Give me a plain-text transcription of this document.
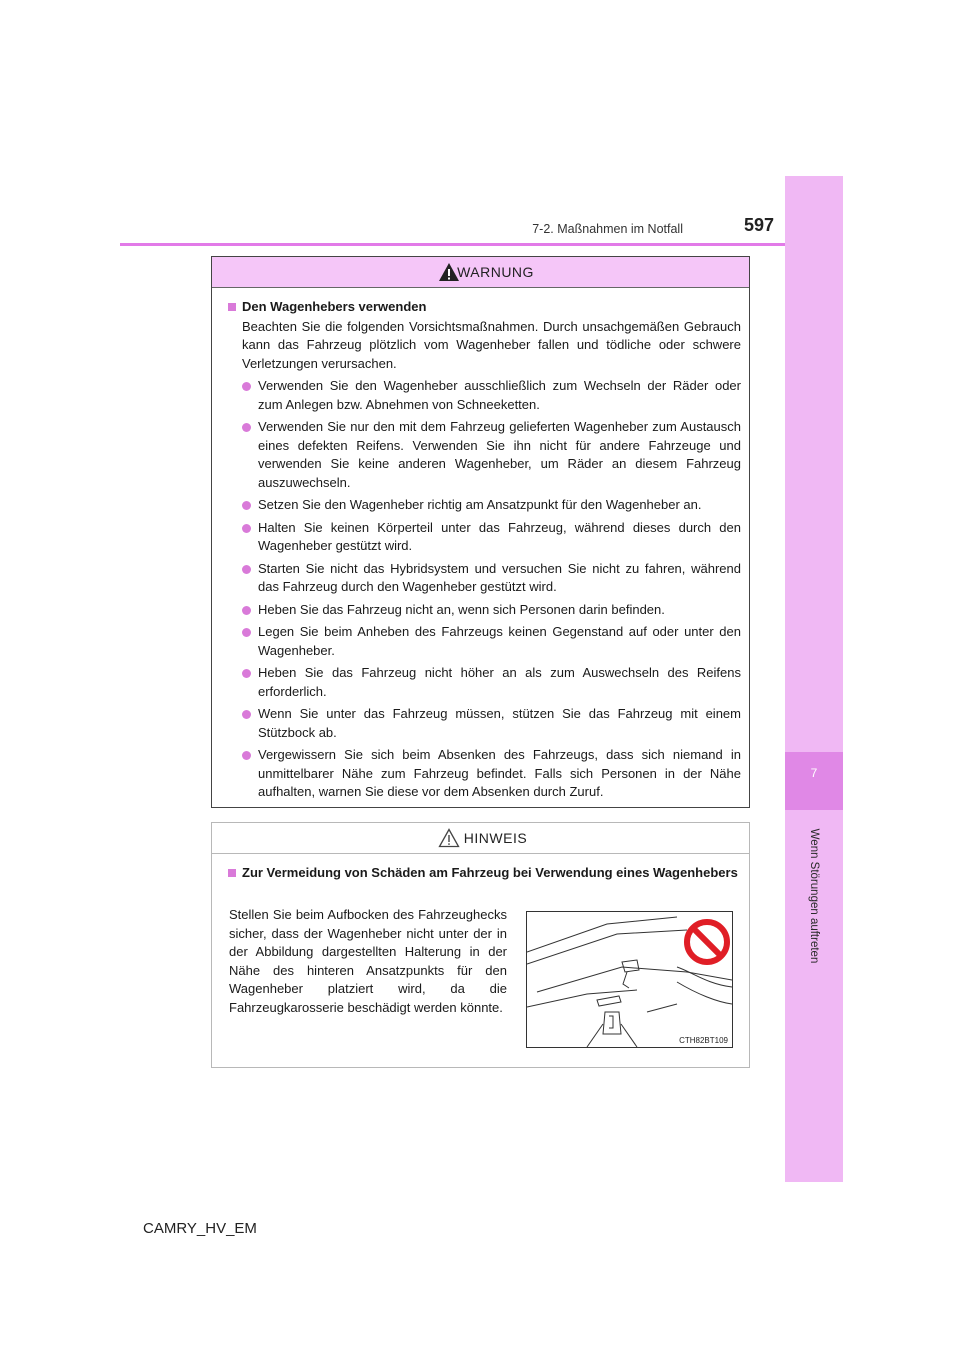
7
Wenn Störungen auftreten
7-2. Maßnahmen im Notfall	597
WARNUNG
Den Wagenhebers verwenden
Beachten Sie die folgenden Vorsichtsmaßnahmen. Durch unsachgemäßen Gebrauch kann das Fahrzeug plötzlich vom Wagenheber fallen und tödliche oder schwere Verletzungen verursachen.
Verwenden Sie den Wagenheber ausschließlich zum Wechseln der Räder oder zum Anlegen bzw. Abnehmen von Schneeketten.
Verwenden Sie nur den mit dem Fahrzeug gelieferten Wagenheber zum Austausch eines defekten Reifens. Verwenden Sie ihn nicht für andere Fahrzeuge und verwenden Sie keine anderen Wagenheber, um Räder an diesem Fahrzeug auszuwechseln.
Setzen Sie den Wagenheber richtig am Ansatzpunkt für den Wagenheber an.
Halten Sie keinen Körperteil unter das Fahrzeug, während dieses durch den Wagenheber gestützt wird.
Starten Sie nicht das Hybridsystem und versuchen Sie nicht zu fahren, während das Fahrzeug durch den Wagenheber gestützt wird.
Heben Sie das Fahrzeug nicht an, wenn sich Personen darin befinden.
Legen Sie beim Anheben des Fahrzeugs keinen Gegenstand auf oder unter den Wagenheber.
Heben Sie das Fahrzeug nicht höher an als zum Auswechseln des Reifens erforderlich.
Wenn Sie unter das Fahrzeug müssen, stützen Sie das Fahrzeug mit einem Stützbock ab.
Vergewissern Sie sich beim Absenken des Fahrzeugs, dass sich niemand in unmittelbarer Nähe zum Fahrzeug befindet. Falls sich Personen in der Nähe aufhalten, warnen Sie diese vor dem Absenken durch Zuruf.
HINWEIS
Zur Vermeidung von Schäden am Fahrzeug bei Verwendung eines Wagenhebers
Stellen Sie beim Aufbocken des Fahrzeughecks sicher, dass der Wagenheber nicht unter der in der Abbildung dargestellten Halterung in der Nähe des hinteren Ansatzpunkts für den Wagenheber platziert wird, da die Fahrzeugkarosserie beschädigt werden könnte.
CTH82BT109
CAMRY_HV_EM
